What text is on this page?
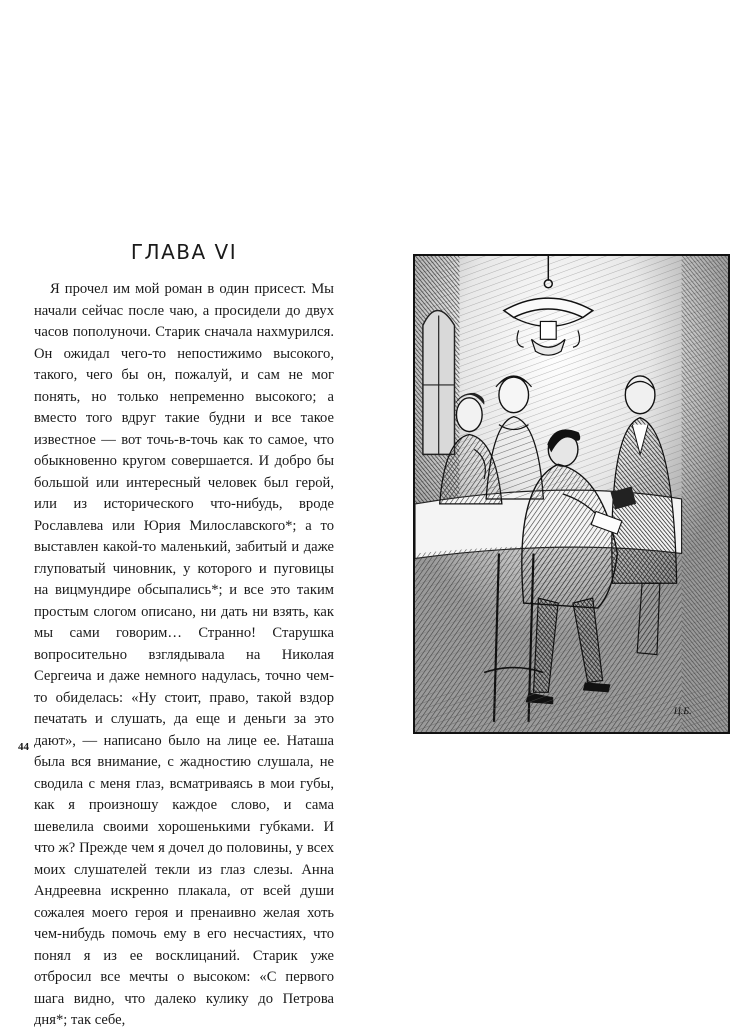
ГЛАВА VI

Я прочел им мой роман в один присест. Мы начали сейчас после чаю, а просидели до двух часов пополуночи. Старик сначала нахмурился. Он ожидал чего-то непостижимо высокого, такого, чего бы он, пожалуй, и сам не мог понять, но только непременно высокого; а вместо того вдруг такие будни и все такое известное — вот точь-в-точь как то самое, что обыкновенно кругом совершается. И добро бы большой или интересный человек был герой, или из исторического что-нибудь, вроде Рославлева или Юрия Милославского*; а то выставлен какой-то маленький, забитый и даже глуповатый чиновник, у которого и пуговицы на вицмундире обсыпались*; и все это таким простым слогом описано, ни дать ни взять, как мы сами говорим… Странно! Старушка вопросительно взглядывала на Николая Сергеича и даже немного надулась, точно чем-то обиделась: «Ну стоит, право, такой вздор печатать и слушать, да еще и деньги за это дают», — написано было на лице ее. Наташа была вся внимание, с жадностию слушала, не сводила с меня глаз, всматриваясь в мои губы, как я произношу каждое слово, и сама шевелила своими хорошенькими губками. И что ж? Прежде чем я дочел до половины, у всех моих слушателей текли из глаз слезы. Анна Андреевна искренно плакала, от всей души сожалея моего героя и пренаивно желая хоть чем-нибудь помочь ему в его несчастиях, что понял я из ее восклицаний. Старик уже отбросил все мечты о высоком: «С первого шага видно, что далеко кулику до Петрова дня*; так себе,

44
Ц.Б.
